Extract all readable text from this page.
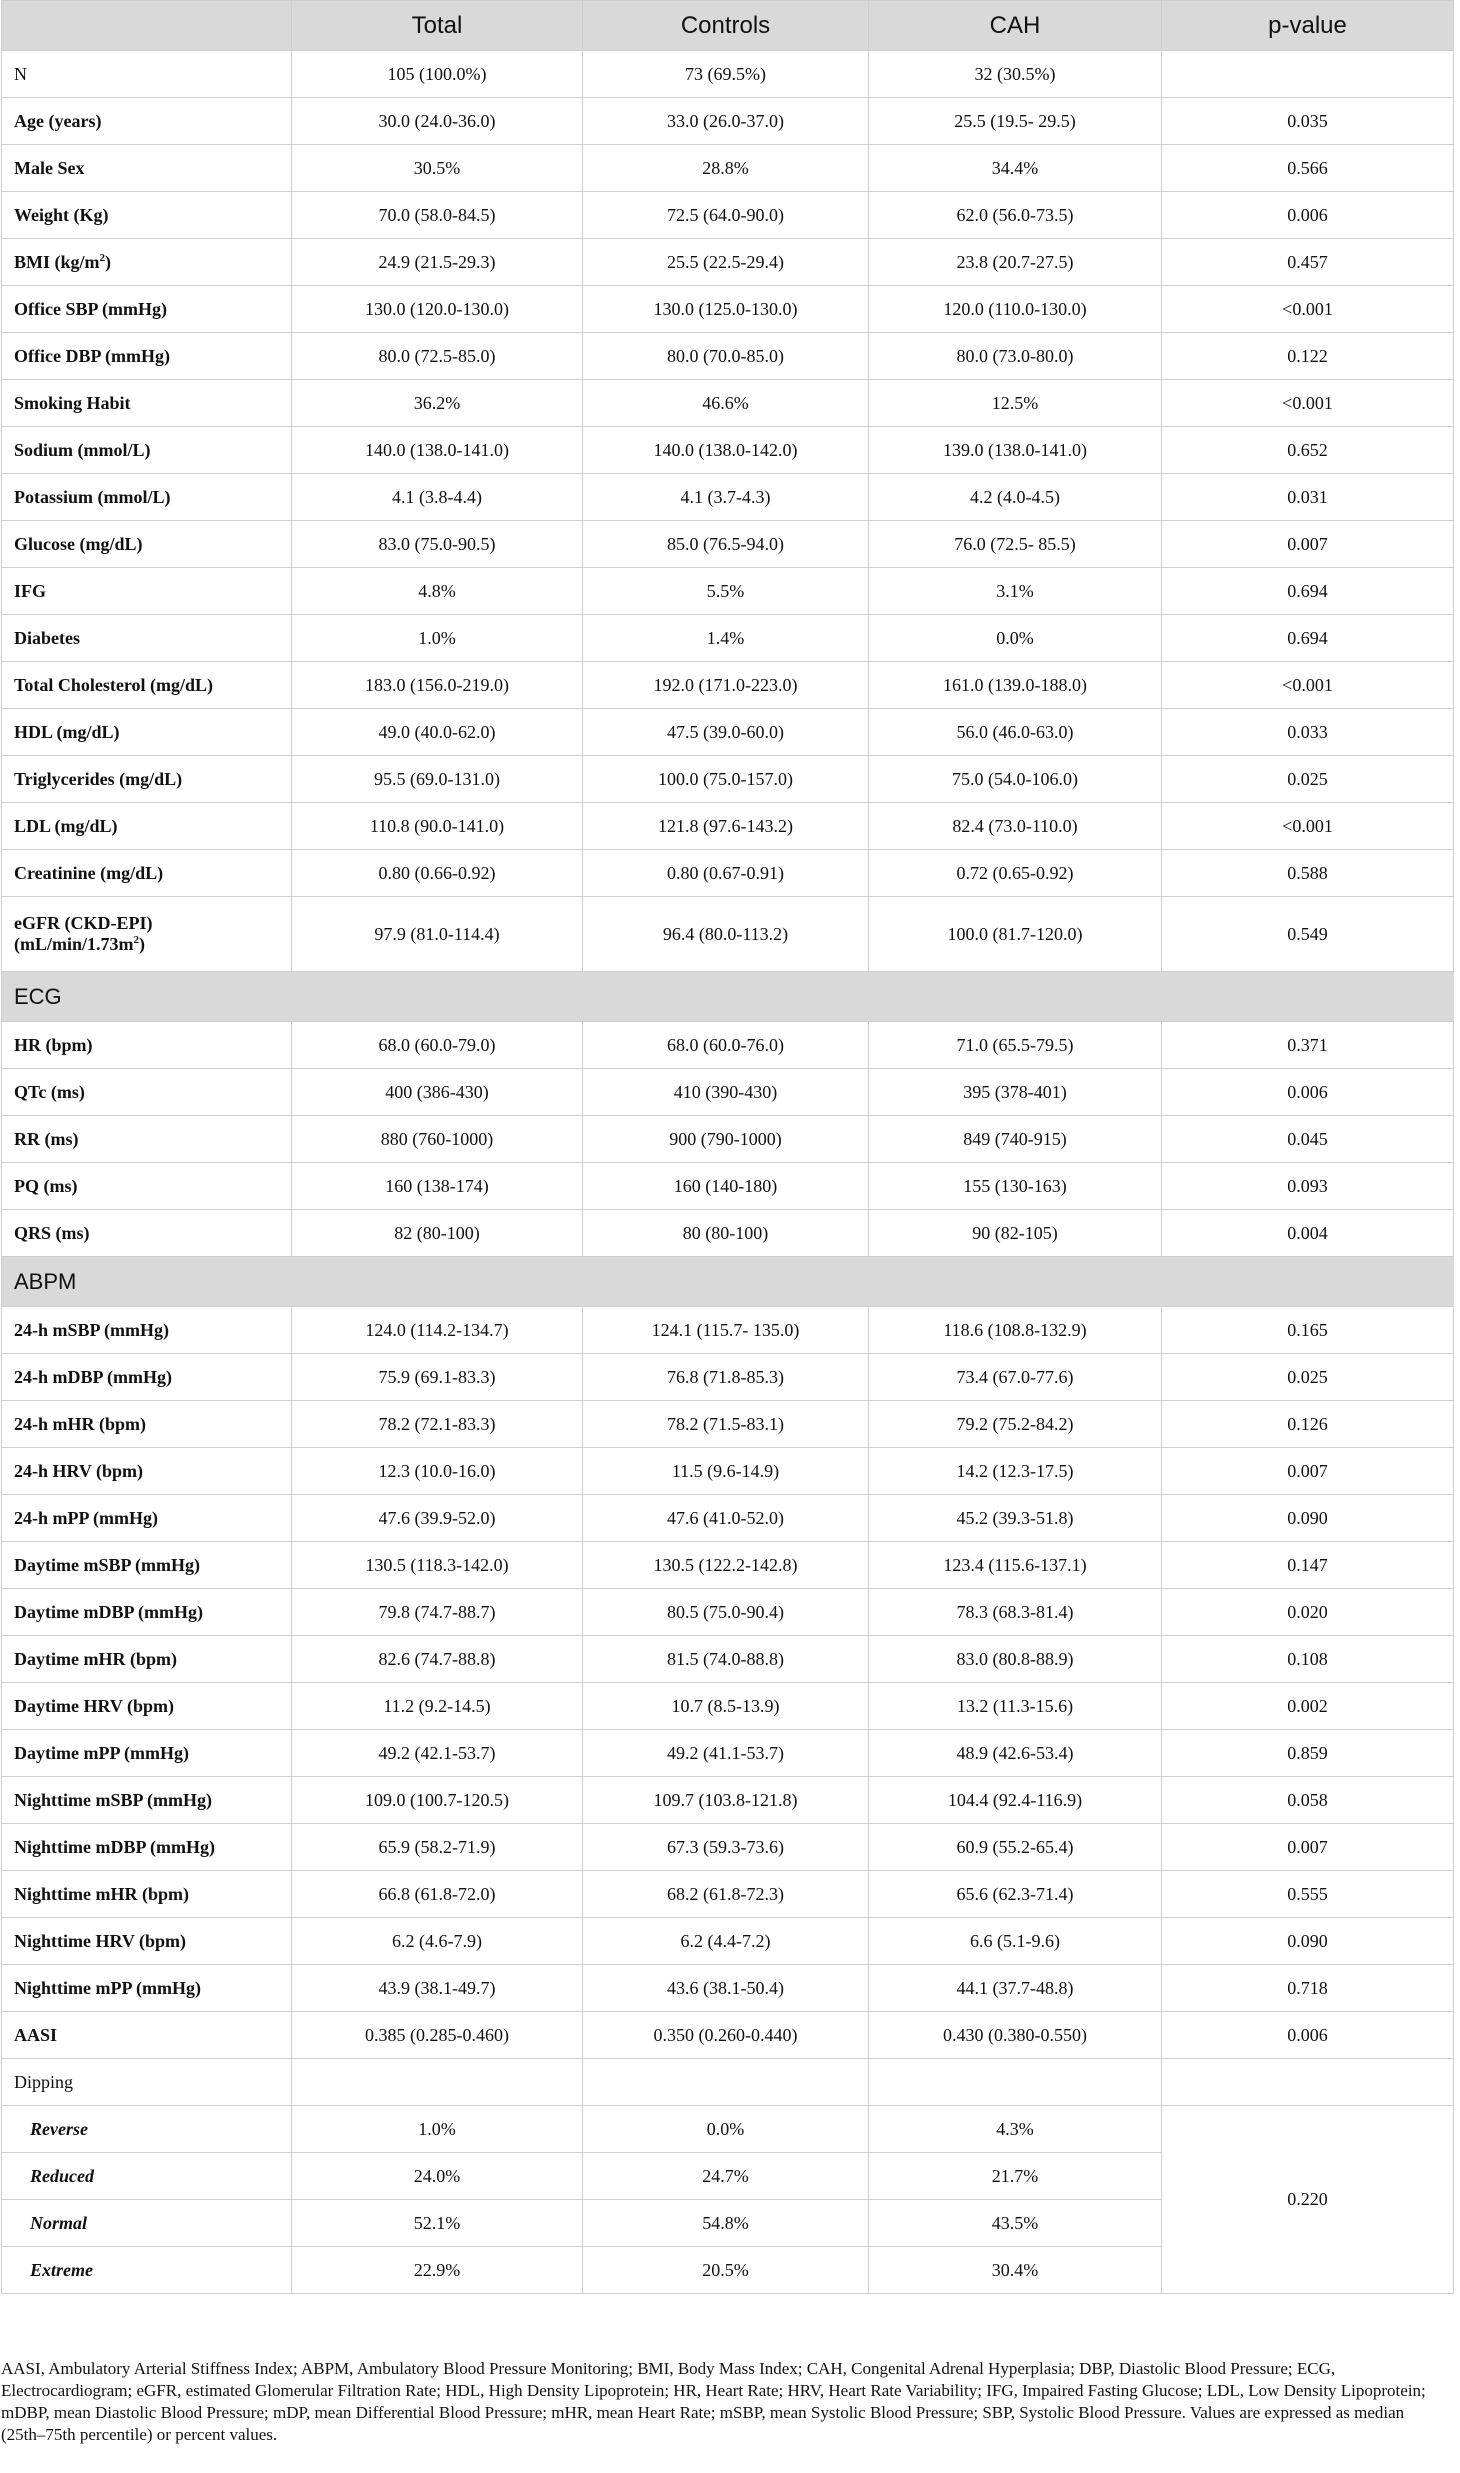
	Total	Controls	CAH	p-value
N	105 (100.0%)	73 (69.5%)	32 (30.5%)	
Age (years)	30.0 (24.0-36.0)	33.0 (26.0-37.0)	25.5 (19.5- 29.5)	0.035
Male Sex	30.5%	28.8%	34.4%	0.566
Weight (Kg)	70.0 (58.0-84.5)	72.5 (64.0-90.0)	62.0 (56.0-73.5)	0.006
BMI $(kg/m^2)$	24.9 (21.5-29.3)	25.5 (22.5-29.4)	23.8 (20.7-27.5)	0.457
Office SBP (mmHg)	130.0 (120.0-130.0)	130.0 (125.0-130.0)	120.0 (110.0-130.0)	<0.001
Office DBP (mmHg)	80.0 (72.5-85.0)	80.0 (70.0-85.0)	80.0 (73.0-80.0)	0.122
Smoking Habit	36.2%	46.6%	12.5%	<0.001
Sodium (mmol/L)	140.0 (138.0-141.0)	140.0 (138.0-142.0)	139.0 (138.0-141.0)	0.652
Potassium (mmol/L)	4.1 (3.8-4.4)	4.1 (3.7-4.3)	4.2 (4.0-4.5)	0.031
Glucose (mg/dL)	83.0 (75.0-90.5)	85.0 (76.5-94.0)	76.0 (72.5- 85.5)	0.007
IFG	4.8%	5.5%	3.1%	0.694
Diabetes	1.0%	1.4%	0.0%	0.694
Total Cholesterol (mg/dL)	183.0 (156.0-219.0)	192.0 (171.0-223.0)	161.0 (139.0-188.0)	<0.001
HDL (mg/dL)	49.0 (40.0-62.0)	47.5 (39.0-60.0)	56.0 (46.0-63.0)	0.033
Triglycerides (mg/dL)	95.5 (69.0-131.0)	100.0 (75.0-157.0)	75.0 (54.0-106.0)	0.025
LDL (mg/dL)	110.8 (90.0-141.0)	121.8 (97.6-143.2)	82.4 (73.0-110.0)	<0.001
Creatinine (mg/dL)	0.80 (0.66-0.92)	0.80 (0.67-0.91)	0.72 (0.65-0.92)	0.588
eGFR (CKD-EPI) $(mL/\min/1.73m^2)$	97.9 (81.0-114.4)	96.4 (80.0-113.2)	100.0 (81.7-120.0)	0.549
ECG				
HR (bpm)	68.0 (60.0-79.0)	68.0 (60.0-76.0)	71.0 (65.5-79.5)	0.371
QTc (ms)	400 (386-430)	410 (390-430)	395 (378-401)	0.006
RR (ms)	880 (760-1000)	900 (790-1000)	849 (740-915)	0.045
PQ (ms)	160 (138-174)	160 (140-180)	155 (130-163)	0.093
QRS (ms)	82 (80-100)	80 (80-100)	90 (82-105)	0.004
ABPM				
24-h mSBP (mmHg)	124.0 (114.2-134.7)	124.1 (115.7- 135.0)	118.6 (108.8-132.9)	0.165
24-h mDBP (mmHg)	75.9 (69.1-83.3)	76.8 (71.8-85.3)	73.4 (67.0-77.6)	0.025
24-h mHR (bpm)	78.2 (72.1-83.3)	78.2 (71.5-83.1)	79.2 (75.2-84.2)	0.126
24-h HRV (bpm)	12.3 (10.0-16.0)	11.5 (9.6-14.9)	14.2 (12.3-17.5)	0.007
24-h mPP (mmHg)	47.6 (39.9-52.0)	47.6 (41.0-52.0)	45.2 (39.3-51.8)	0.090
Daytime mSBP (mmHg)	130.5 (118.3-142.0)	130.5 (122.2-142.8)	123.4 (115.6-137.1)	0.147
Daytime mDBP (mmHg)	79.8 (74.7-88.7)	80.5 (75.0-90.4)	78.3 (68.3-81.4)	0.020
Daytime mHR (bpm)	82.6 (74.7-88.8)	81.5 (74.0-88.8)	83.0 (80.8-88.9)	0.108
Daytime HRV (bpm)	11.2 (9.2-14.5)	10.7 (8.5-13.9)	13.2 (11.3-15.6)	0.002
Daytime mPP (mmHg)	49.2 (42.1-53.7)	49.2 (41.1-53.7)	48.9 (42.6-53.4)	0.859
Nighttime mSBP (mmHg)	109.0 (100.7-120.5)	109.7 (103.8-121.8)	104.4 (92.4-116.9)	0.058
Nighttime mDBP (mmHg)	65.9 (58.2-71.9)	67.3 (59.3-73.6)	60.9 (55.2-65.4)	0.007
Nighttime mHR (bpm)	66.8 (61.8-72.0)	68.2 (61.8-72.3)	65.6 (62.3-71.4)	0.555
Nighttime HRV (bpm)	6.2 (4.6-7.9)	6.2 (4.4-7.2)	6.6 (5.1-9.6)	0.090
Nighttime mPP (mmHg)	43.9 (38.1-49.7)	43.6 (38.1-50.4)	44.1 (37.7-48.8)	0.718
AASI	0.385 (0.285-0.460)	0.350 (0.260-0.440)	0.430 (0.380-0.550)	0.006
Dipping				
Reverse	1.0%	0.0%	4.3%	0.220
Reduced	24.0%	24.7%	21.7%	
Normal	52.1%	54.8%	43.5%	
Extreme	22.9%	20.5%	30.4%	
AASI, Ambulatory Arterial Stiffness Index; ABPM, Ambulatory Blood Pressure Monitoring; BMI, Body Mass Index; CAH, Congenital Adrenal Hyperplasia; DBP, Diastolic Blood Pressure; ECG, Electrocardiogram; eGFR, estimated Glomerular Filtration Rate; HDL, High Density Lipoprotein; HR, Heart Rate; HRV, Heart Rate Variability; IFG, Impaired Fasting Glucose; LDL, Low Density Lipoprotein; mDBP, mean Diastolic Blood Pressure; mDP, mean Differential Blood Pressure; mHR, mean Heart Rate; mSBP, mean Systolic Blood Pressure; SBP, Systolic Blood Pressure. Values are expressed as median (25th–75th percentile) or percent values.
